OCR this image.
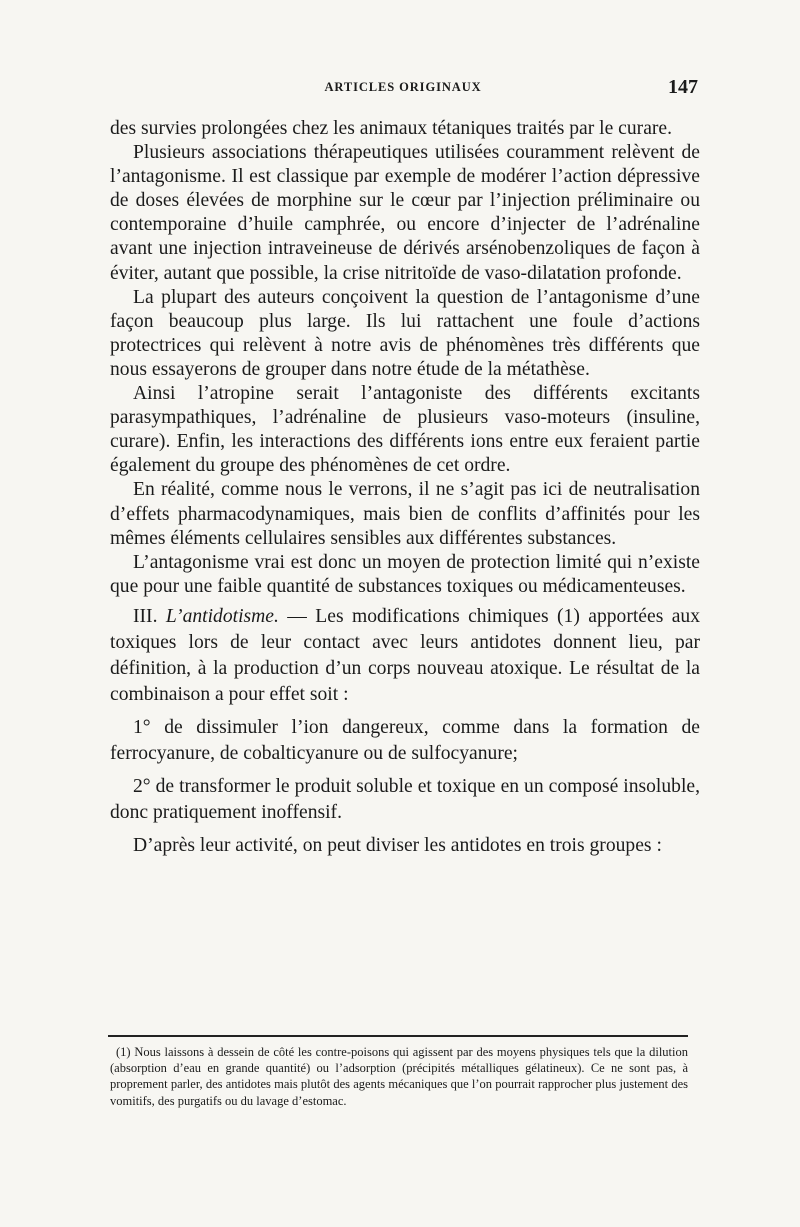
ARTICLES ORIGINAUX	147
des survies prolongées chez les animaux tétaniques traités par le curare.
Plusieurs associations thérapeutiques utilisées couramment relèvent de l’antagonisme. Il est classique par exemple de modérer l’action dépressive de doses élevées de morphine sur le cœur par l’injection préliminaire ou contemporaine d’huile camphrée, ou encore d’injecter de l’adrénaline avant une injection intraveineuse de dérivés arsénobenzoliques de façon à éviter, autant que possible, la crise nitritoïde de vaso-dilatation profonde.
La plupart des auteurs conçoivent la question de l’antagonisme d’une façon beaucoup plus large. Ils lui rattachent une foule d’actions protectrices qui relèvent à notre avis de phénomènes très différents que nous essayerons de grouper dans notre étude de la métathèse.
Ainsi l’atropine serait l’antagoniste des différents excitants parasympathiques, l’adrénaline de plusieurs vaso-moteurs (insuline, curare). Enfin, les interactions des différents ions entre eux feraient partie également du groupe des phénomènes de cet ordre.
En réalité, comme nous le verrons, il ne s’agit pas ici de neutralisation d’effets pharmacodynamiques, mais bien de conflits d’affinités pour les mêmes éléments cellulaires sensibles aux différentes substances.
L’antagonisme vrai est donc un moyen de protection limité qui n’existe que pour une faible quantité de substances toxiques ou médicamenteuses.
III. L’antidotisme. — Les modifications chimiques (1) apportées aux toxiques lors de leur contact avec leurs antidotes donnent lieu, par définition, à la production d’un corps nouveau atoxique. Le résultat de la combinaison a pour effet soit :
1° de dissimuler l’ion dangereux, comme dans la formation de ferrocyanure, de cobalticyanure ou de sulfocyanure;
2° de transformer le produit soluble et toxique en un composé insoluble, donc pratiquement inoffensif.
D’après leur activité, on peut diviser les antidotes en trois groupes :
(1) Nous laissons à dessein de côté les contre-poisons qui agissent par des moyens physiques tels que la dilution (absorption d’eau en grande quantité) ou l’adsorption (précipités métalliques gélatineux). Ce ne sont pas, à proprement parler, des antidotes mais plutôt des agents mécaniques que l’on pourrait rapprocher plus justement des vomitifs, des purgatifs ou du lavage d’estomac.
